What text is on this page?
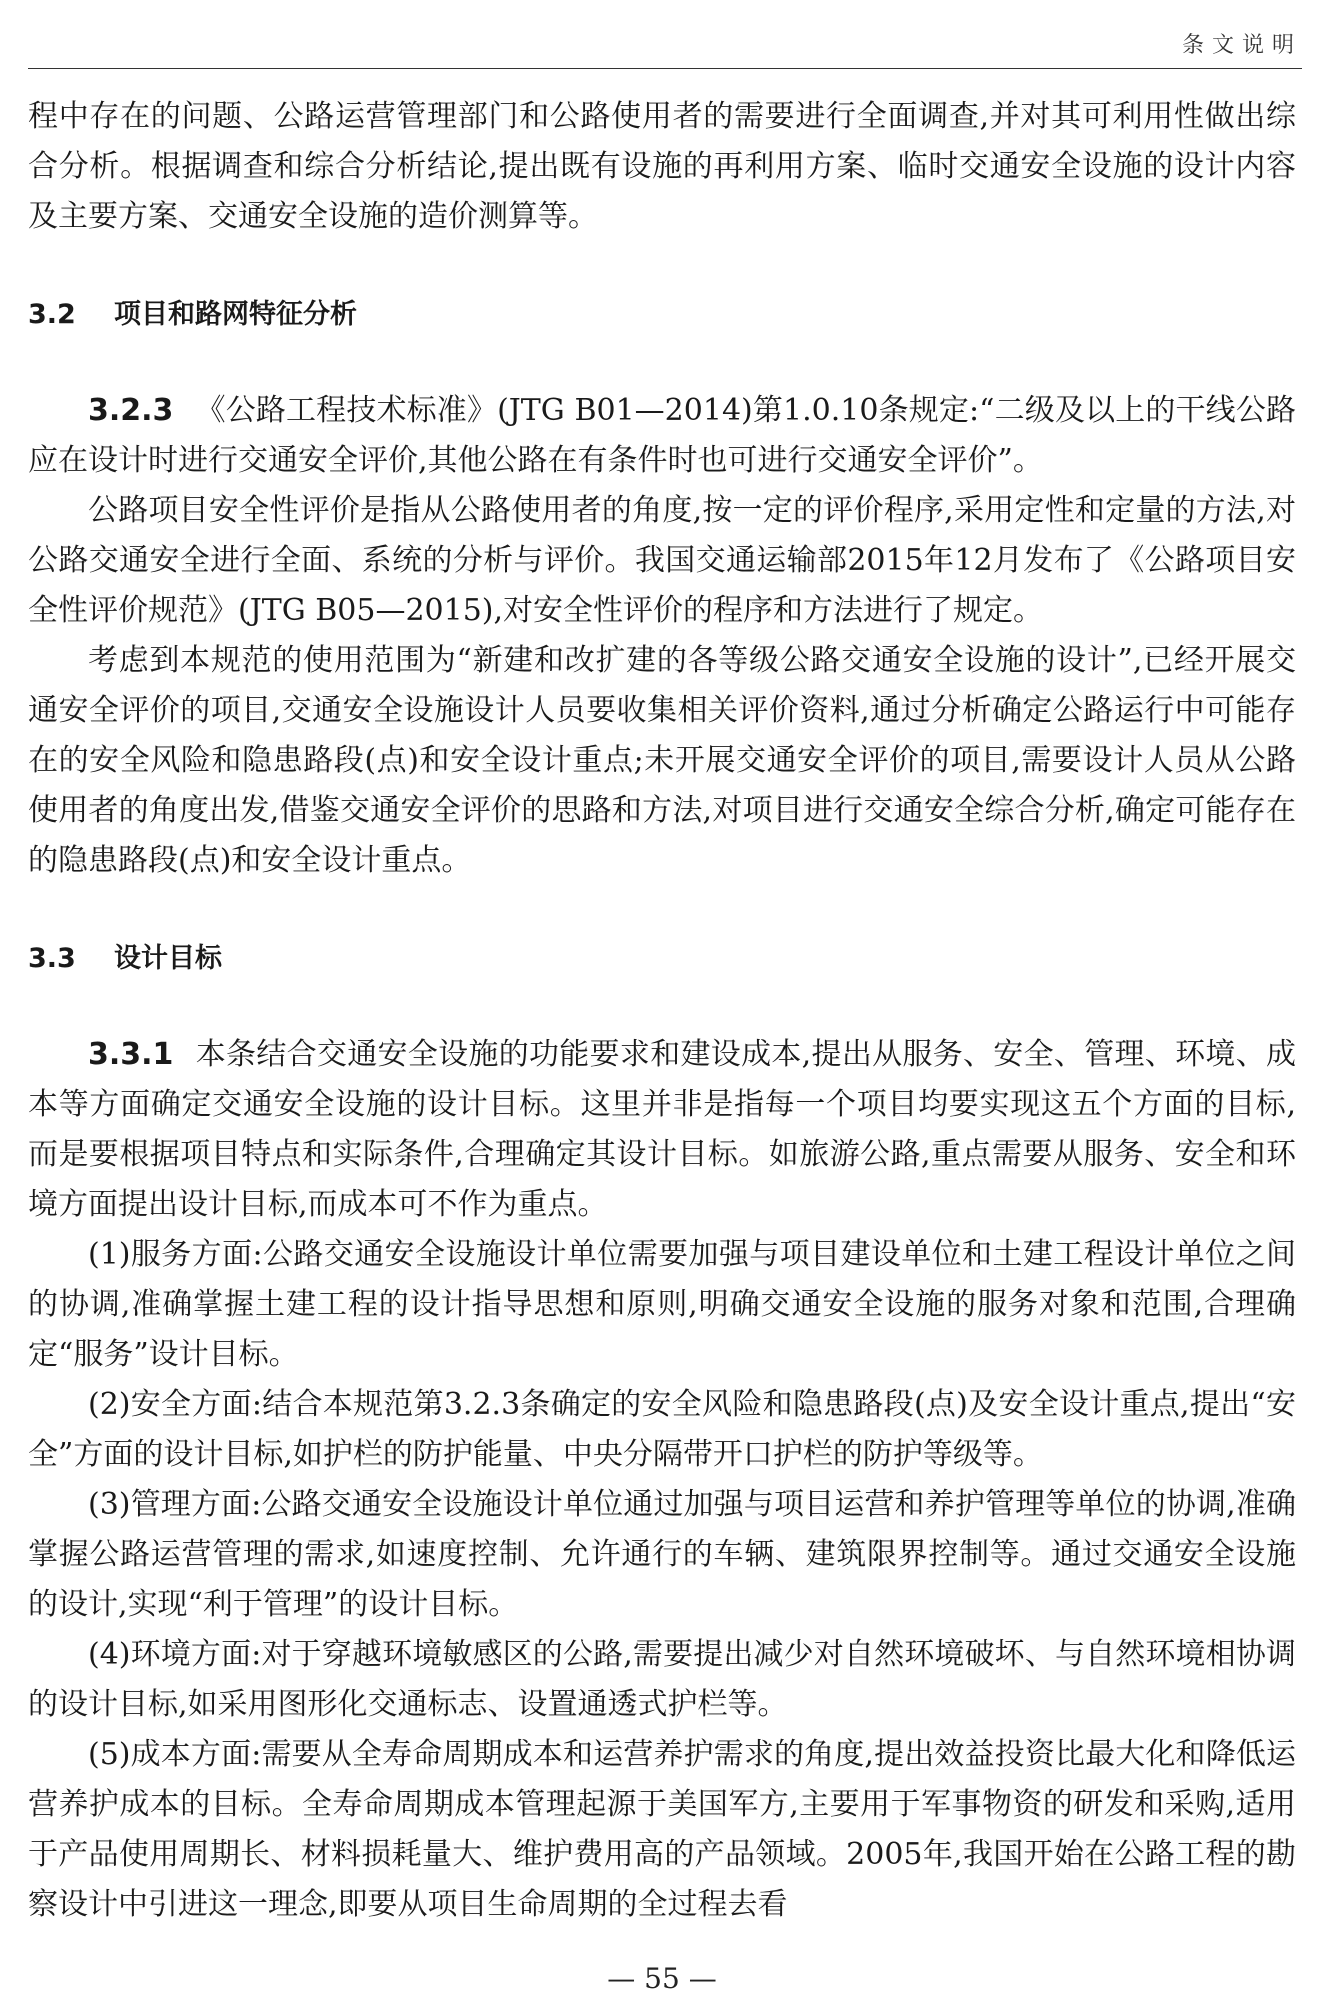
条文说明

程中存在的问题、公路运营管理部门和公路使用者的需要进行全面调查,并对其可利用性做出综合分析。根据调查和综合分析结论,提出既有设施的再利用方案、临时交通安全设施的设计内容及主要方案、交通安全设施的造价测算等。

3.2 项目和路网特征分析

3.2.3 《公路工程技术标准》(JTG B01—2014)第1.0.10条规定:“二级及以上的干线公路应在设计时进行交通安全评价,其他公路在有条件时也可进行交通安全评价”。

公路项目安全性评价是指从公路使用者的角度,按一定的评价程序,采用定性和定量的方法,对公路交通安全进行全面、系统的分析与评价。我国交通运输部2015年12月发布了《公路项目安全性评价规范》(JTG B05—2015),对安全性评价的程序和方法进行了规定。

考虑到本规范的使用范围为“新建和改扩建的各等级公路交通安全设施的设计”,已经开展交通安全评价的项目,交通安全设施设计人员要收集相关评价资料,通过分析确定公路运行中可能存在的安全风险和隐患路段(点)和安全设计重点;未开展交通安全评价的项目,需要设计人员从公路使用者的角度出发,借鉴交通安全评价的思路和方法,对项目进行交通安全综合分析,确定可能存在的隐患路段(点)和安全设计重点。

3.3 设计目标

3.3.1 本条结合交通安全设施的功能要求和建设成本,提出从服务、安全、管理、环境、成本等方面确定交通安全设施的设计目标。这里并非是指每一个项目均要实现这五个方面的目标,而是要根据项目特点和实际条件,合理确定其设计目标。如旅游公路,重点需要从服务、安全和环境方面提出设计目标,而成本可不作为重点。

(1)服务方面:公路交通安全设施设计单位需要加强与项目建设单位和土建工程设计单位之间的协调,准确掌握土建工程的设计指导思想和原则,明确交通安全设施的服务对象和范围,合理确定“服务”设计目标。

(2)安全方面:结合本规范第3.2.3条确定的安全风险和隐患路段(点)及安全设计重点,提出“安全”方面的设计目标,如护栏的防护能量、中央分隔带开口护栏的防护等级等。

(3)管理方面:公路交通安全设施设计单位通过加强与项目运营和养护管理等单位的协调,准确掌握公路运营管理的需求,如速度控制、允许通行的车辆、建筑限界控制等。通过交通安全设施的设计,实现“利于管理”的设计目标。

(4)环境方面:对于穿越环境敏感区的公路,需要提出减少对自然环境破坏、与自然环境相协调的设计目标,如采用图形化交通标志、设置通透式护栏等。

(5)成本方面:需要从全寿命周期成本和运营养护需求的角度,提出效益投资比最大化和降低运营养护成本的目标。全寿命周期成本管理起源于美国军方,主要用于军事物资的研发和采购,适用于产品使用周期长、材料损耗量大、维护费用高的产品领域。2005年,我国开始在公路工程的勘察设计中引进这一理念,即要从项目生命周期的全过程去看

— 55 —
